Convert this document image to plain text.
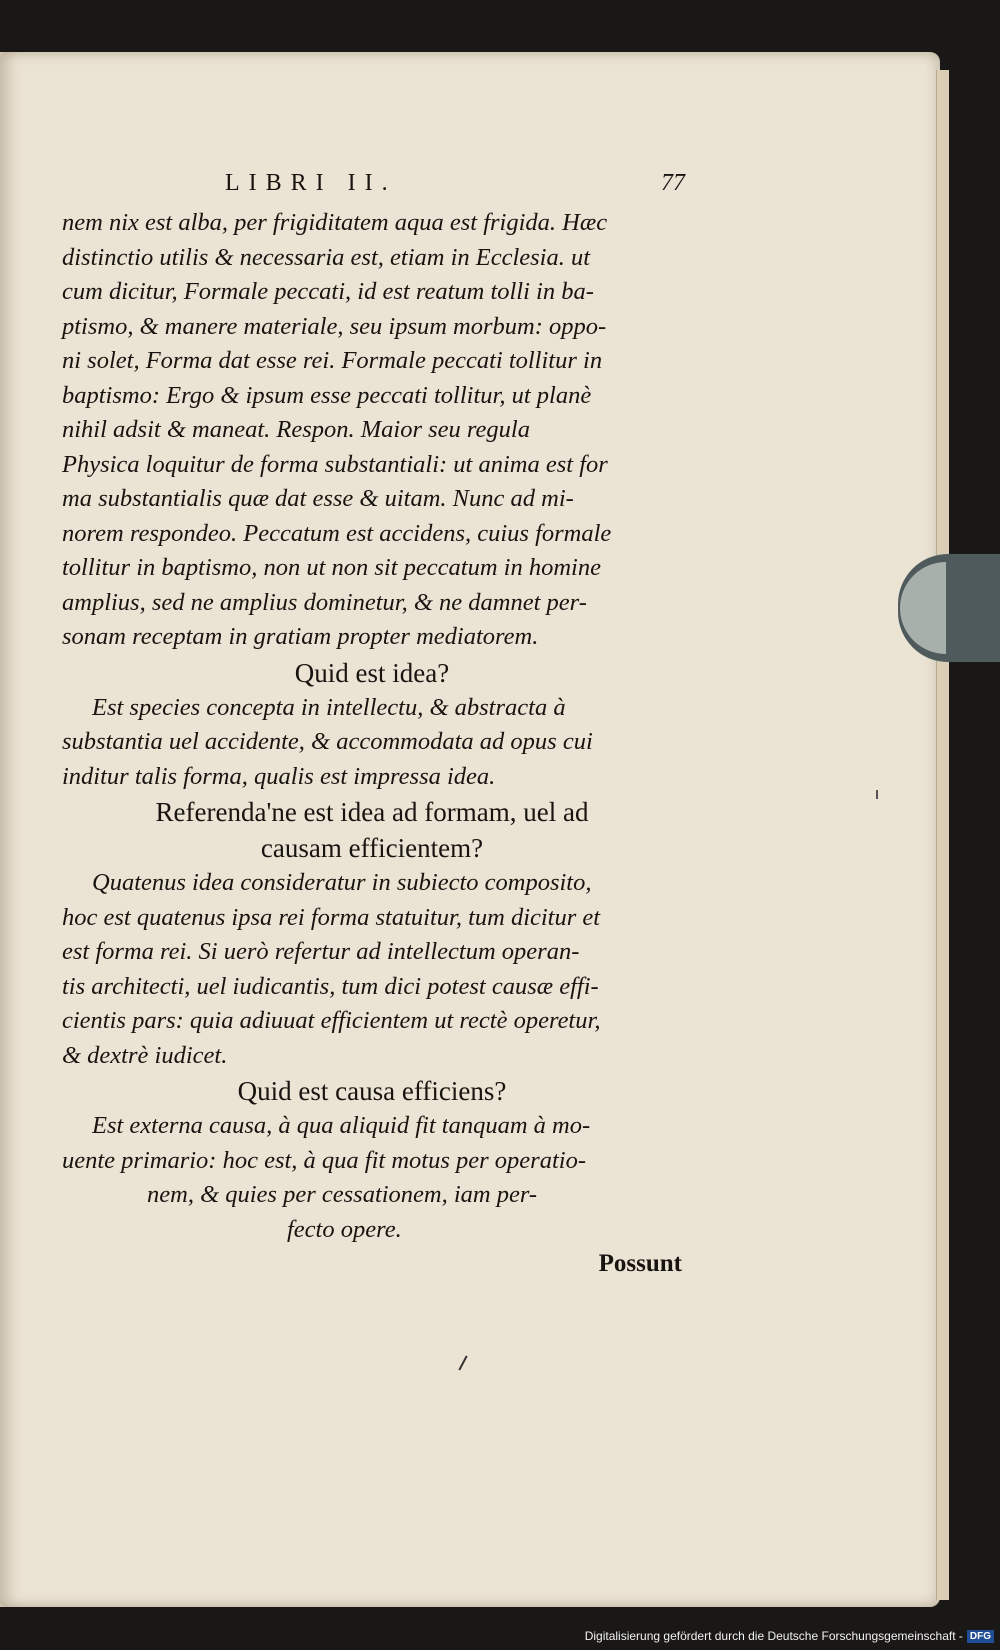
LIBRI II.	77
nem nix est alba, per frigiditatem aqua est frigida. Hæc
distinctio utilis & necessaria est, etiam in Ecclesia. ut
cum dicitur, Formale peccati, id est reatum tolli in ba-
ptismo, & manere materiale, seu ipsum morbum: oppo-
ni solet, Forma dat esse rei. Formale peccati tollitur in
baptismo: Ergo & ipsum esse peccati tollitur, ut planè
nihil adsit & maneat. Respon. Maior seu regula
Physica loquitur de forma substantiali: ut anima est for
ma substantialis quæ dat esse & uitam. Nunc ad mi-
norem respondeo. Peccatum est accidens, cuius formale
tollitur in baptismo, non ut non sit peccatum in homine
amplius, sed ne amplius dominetur, & ne damnet per-
sonam receptam in gratiam propter mediatorem.
Quid est idea?
Est species concepta in intellectu, & abstracta à
substantia uel accidente, & accommodata ad opus cui
inditur talis forma, qualis est impressa idea.
Referenda'ne est idea ad formam, uel ad
causam efficientem?
Quatenus idea consideratur in subiecto composito,
hoc est quatenus ipsa rei forma statuitur, tum dicitur et
est forma rei. Si uerò refertur ad intellectum operan-
tis architecti, uel iudicantis, tum dici potest causæ effi-
cientis pars: quia adiuuat efficientem ut rectè operetur,
& dextrè iudicet.
Quid est causa efficiens?
Est externa causa, à qua aliquid fit tanquam à mo-
uente primario: hoc est, à qua fit motus per operatio-
nem, & quies per cessationem, iam per-
fecto opere.
Possunt
Digitalisierung gefördert durch die Deutsche Forschungsgemeinschaft - DFG
